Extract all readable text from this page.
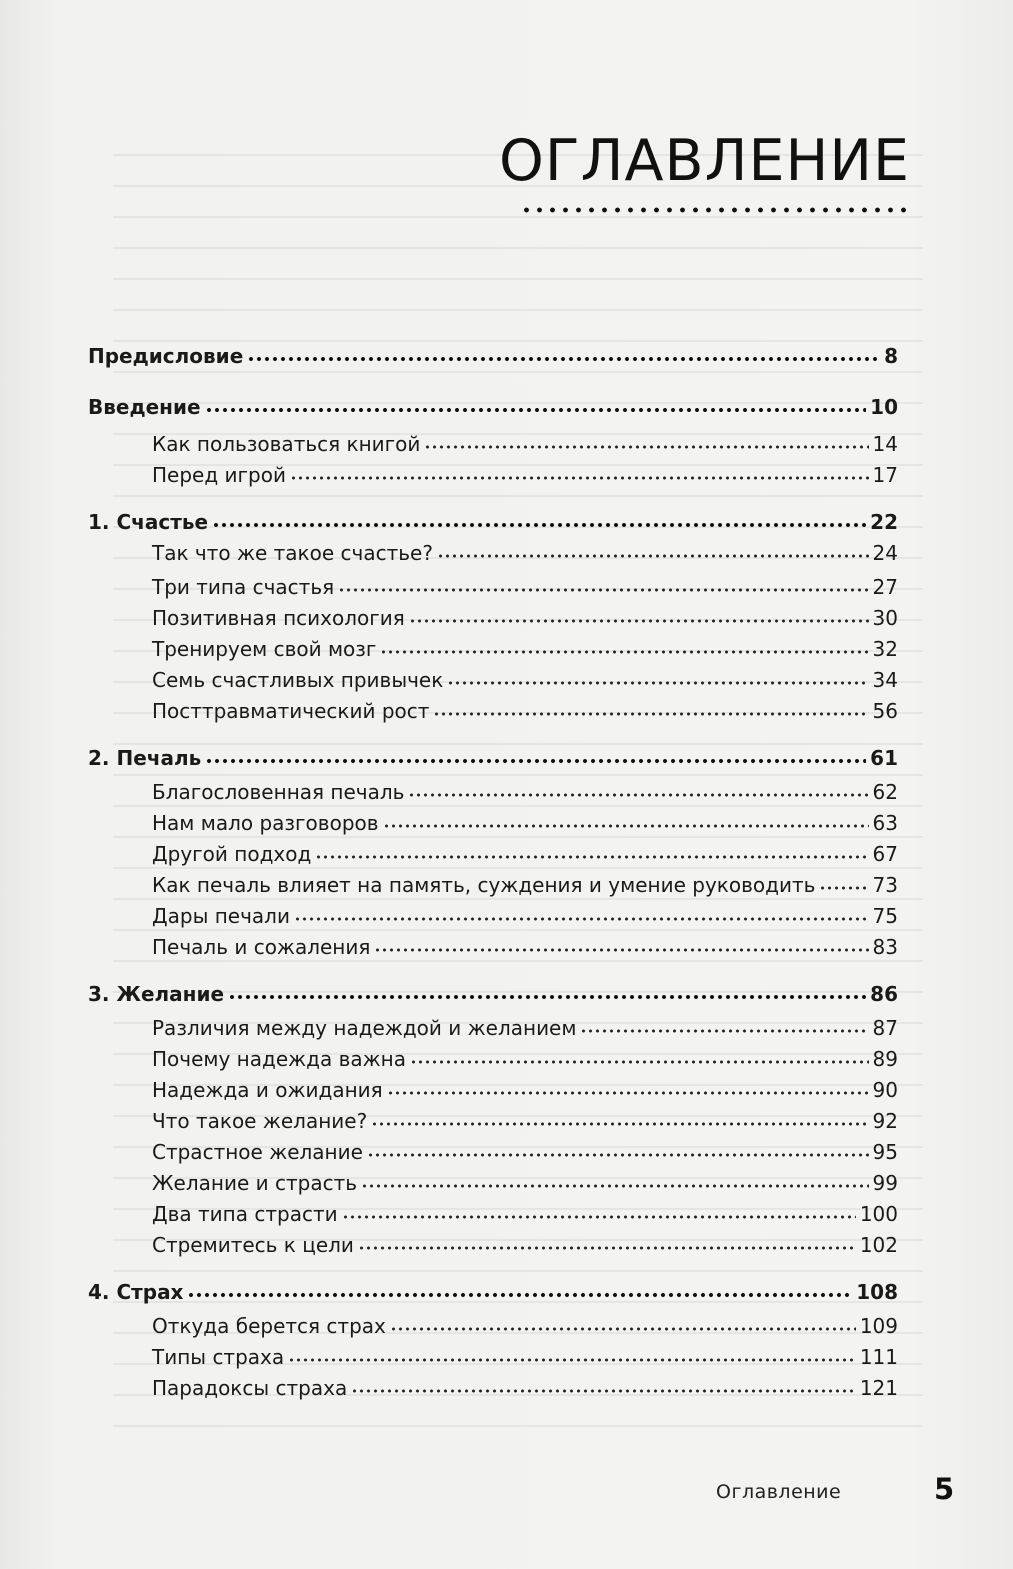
ОГЛАВЛЕНИЕ
Предисловие	8
Введение	10
Как пользоваться книгой	14
Перед игрой	17
1. Счастье	22
Так что же такое счастье?	24
Три типа счастья	27
Позитивная психология	30
Тренируем свой мозг	32
Семь счастливых привычек	34
Посттравматический рост	56
2. Печаль	61
Благословенная печаль	62
Нам мало разговоров	63
Другой подход	67
Как печаль влияет на память, суждения и умение руководить	73
Дары печали	75
Печаль и сожаления	83
3. Желание	86
Различия между надеждой и желанием	87
Почему надежда важна	89
Надежда и ожидания	90
Что такое желание?	92
Страстное желание	95
Желание и страсть	99
Два типа страсти	100
Стремитесь к цели	102
4. Страх	108
Откуда берется страх	109
Типы страха	111
Парадоксы страха	121
Оглавление	5
